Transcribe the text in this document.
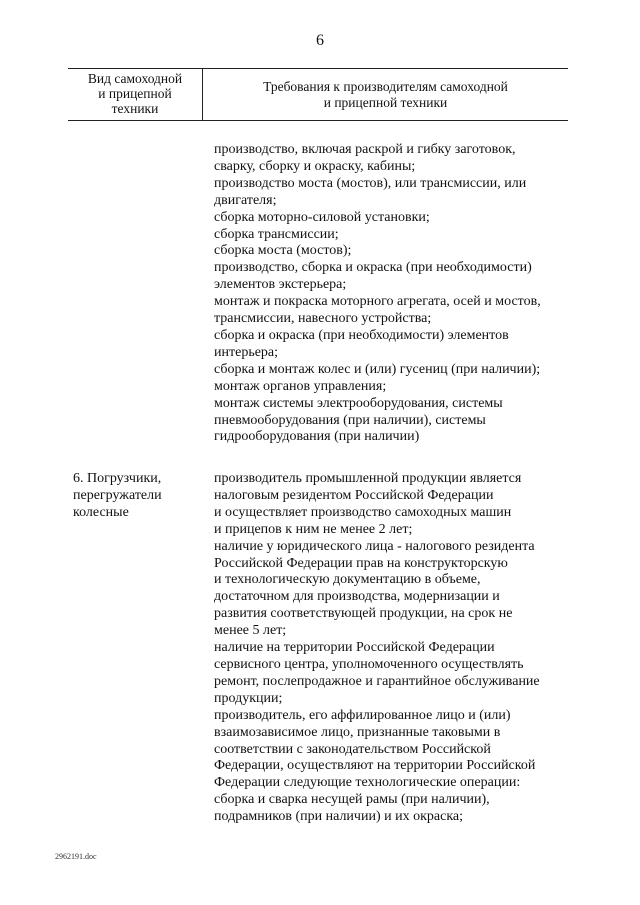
6
Вид самоходной
и прицепной
техники
Требования к производителям самоходной
и прицепной техники
производство, включая раскрой и гибку заготовок,
сварку, сборку и окраску, кабины;
производство моста (мостов), или трансмиссии, или
двигателя;
сборка моторно-силовой установки;
сборка трансмиссии;
сборка моста (мостов);
производство, сборка и окраска (при необходимости)
элементов экстерьера;
монтаж и покраска моторного агрегата, осей и мостов,
трансмиссии, навесного устройства;
сборка и окраска (при необходимости) элементов
интерьера;
сборка и монтаж колес и (или) гусениц (при наличии);
монтаж органов управления;
монтаж системы электрооборудования, системы
пневмооборудования (при наличии), системы
гидрооборудования (при наличии)
6. Погрузчики,
перегружатели
колесные
производитель промышленной продукции является
налоговым резидентом Российской Федерации
и осуществляет производство самоходных машин
и прицепов к ним не менее 2 лет;
наличие у юридического лица - налогового резидента
Российской Федерации прав на конструкторскую
и технологическую документацию в объеме,
достаточном для производства, модернизации и
развития соответствующей продукции, на срок не
менее 5 лет;
наличие на территории Российской Федерации
сервисного центра, уполномоченного осуществлять
ремонт, послепродажное и гарантийное обслуживание
продукции;
производитель, его аффилированное лицо и (или)
взаимозависимое лицо, признанные таковыми в
соответствии с законодательством Российской
Федерации, осуществляют на территории Российской
Федерации следующие технологические операции:
сборка и сварка несущей рамы (при наличии),
подрамников (при наличии) и их окраска;
2962191.doc
